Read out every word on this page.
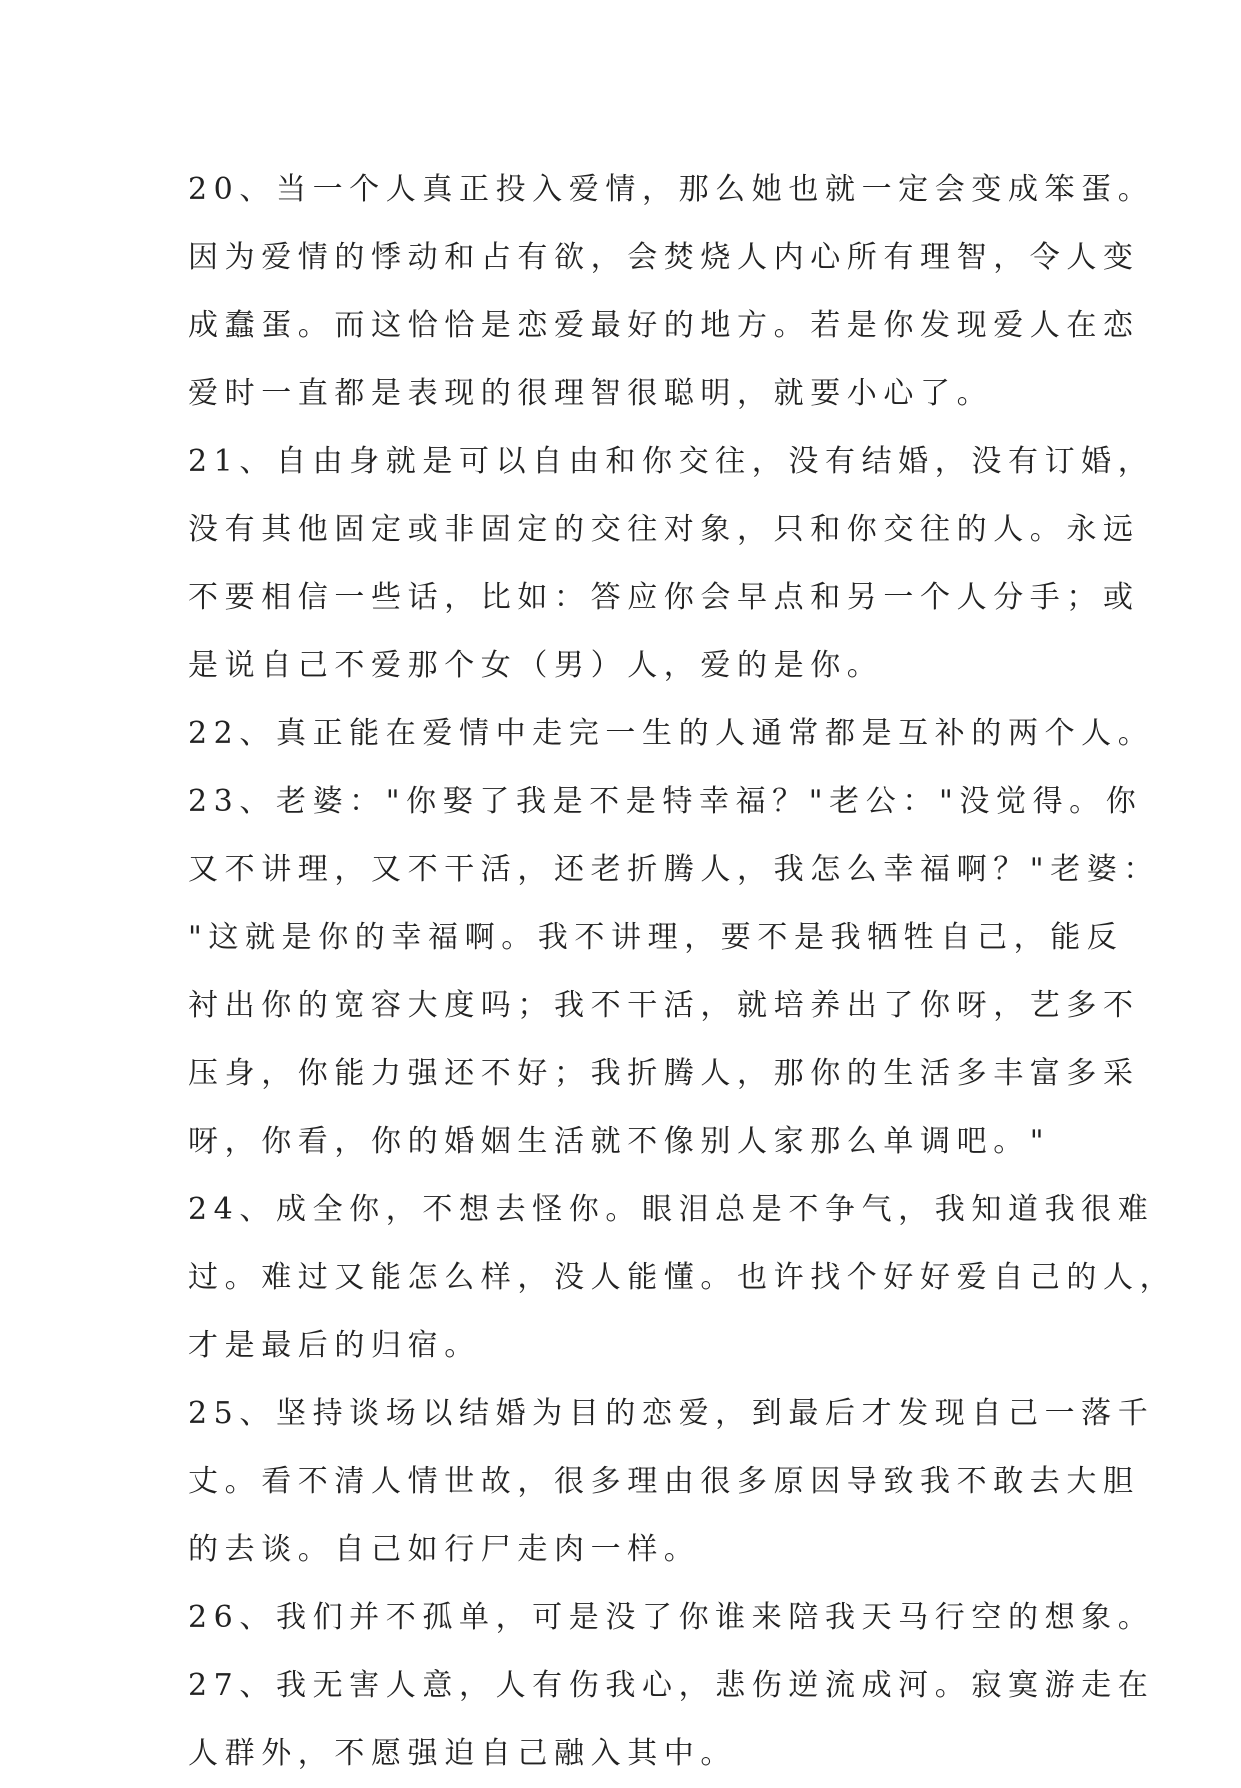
20、当一个人真正投入爱情，那么她也就一定会变成笨蛋。
因为爱情的悸动和占有欲，会焚烧人内心所有理智，令人变
成蠢蛋。而这恰恰是恋爱最好的地方。若是你发现爱人在恋
爱时一直都是表现的很理智很聪明，就要小心了。
21、自由身就是可以自由和你交往，没有结婚，没有订婚，
没有其他固定或非固定的交往对象，只和你交往的人。永远
不要相信一些话，比如：答应你会早点和另一个人分手；或
是说自己不爱那个女（男）人，爱的是你。
22、真正能在爱情中走完一生的人通常都是互补的两个人。
23、老婆："你娶了我是不是特幸福？"老公："没觉得。你
又不讲理，又不干活，还老折腾人，我怎么幸福啊？"老婆：
"这就是你的幸福啊。我不讲理，要不是我牺牲自己，能反
衬出你的宽容大度吗；我不干活，就培养出了你呀，艺多不
压身，你能力强还不好；我折腾人，那你的生活多丰富多采
呀，你看，你的婚姻生活就不像别人家那么单调吧。"
24、成全你，不想去怪你。眼泪总是不争气，我知道我很难
过。难过又能怎么样，没人能懂。也许找个好好爱自己的人，
才是最后的归宿。
25、坚持谈场以结婚为目的恋爱，到最后才发现自己一落千
丈。看不清人情世故，很多理由很多原因导致我不敢去大胆
的去谈。自己如行尸走肉一样。
26、我们并不孤单，可是没了你谁来陪我天马行空的想象。
27、我无害人意，人有伤我心，悲伤逆流成河。寂寞游走在
人群外，不愿强迫自己融入其中。
